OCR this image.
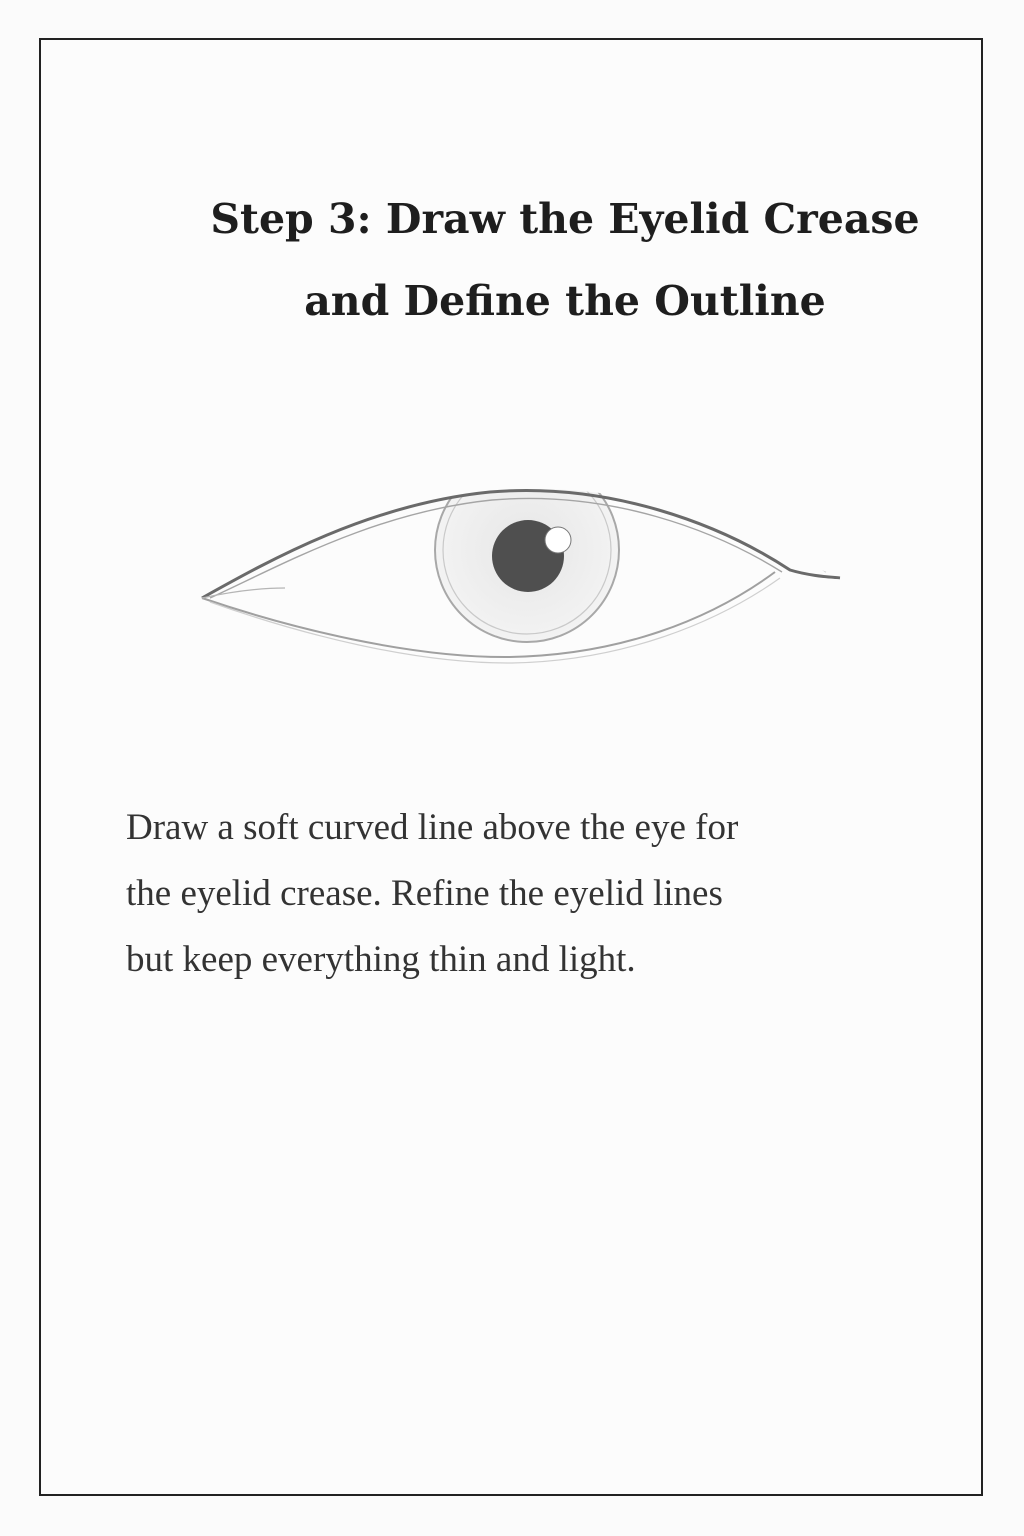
Step 3: Draw the Eyelid Crease
and Define the Outline

Draw a soft curved line above the eye for
the eyelid crease. Refine the eyelid lines
but keep everything thin and light.
